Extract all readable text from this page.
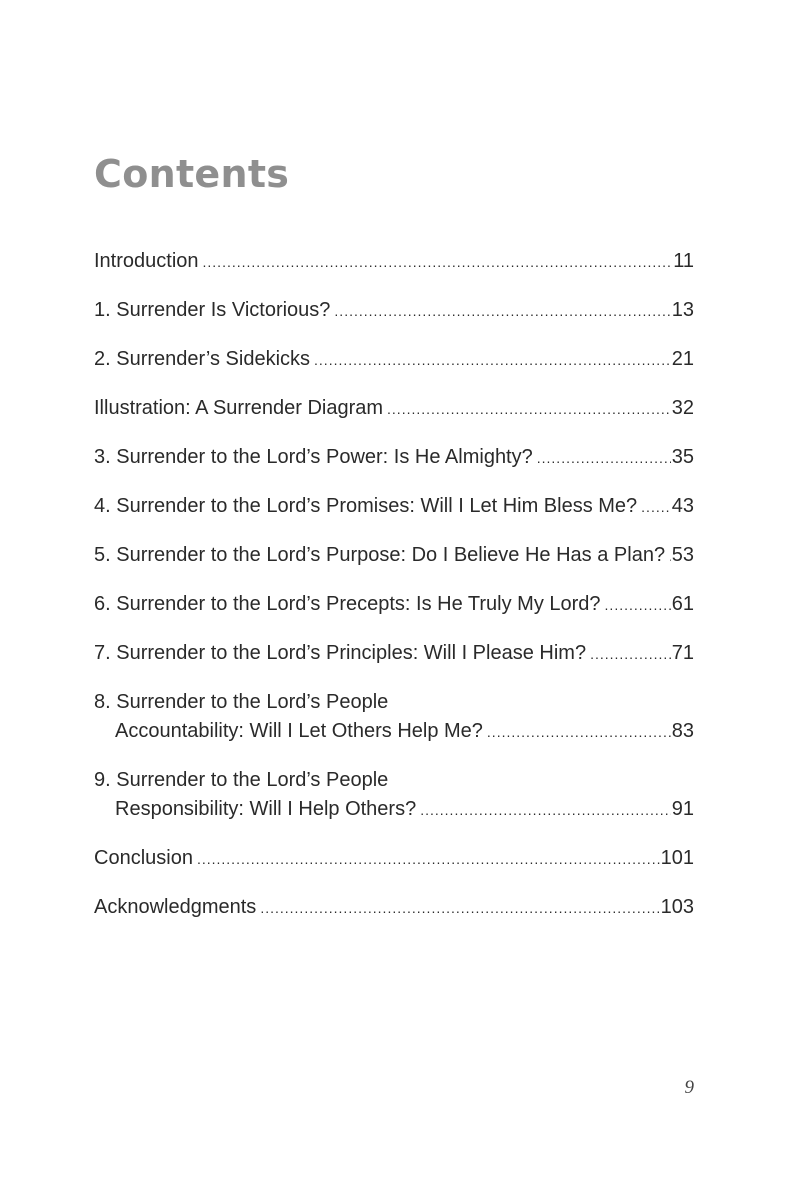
Contents
Introduction .....	11
1. Surrender Is Victorious? .....	13
2. Surrender’s Sidekicks .....	21
Illustration: A Surrender Diagram .....	32
3. Surrender to the Lord’s Power: Is He Almighty? .....	35
4. Surrender to the Lord’s Promises: Will I Let Him Bless Me? ..... 43
5. Surrender to the Lord’s Purpose: Do I Believe He Has a Plan? ..... 53
6. Surrender to the Lord’s Precepts: Is He Truly My Lord? .....	61
7. Surrender to the Lord’s Principles: Will I Please Him? .....	71
8. Surrender to the Lord’s People
Accountability: Will I Let Others Help Me? .....	83
9. Surrender to the Lord’s People
Responsibility: Will I Help Others? .....	91
Conclusion .....	101
Acknowledgments .....	103
9
